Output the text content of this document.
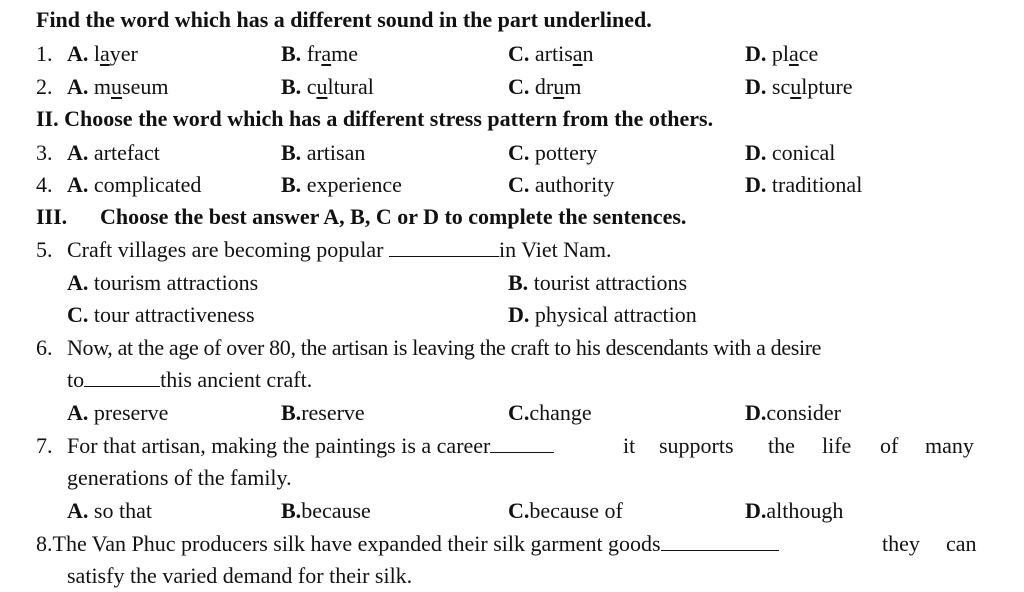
Find the word which has a different sound in the part underlined.
1. A. layer	B. frame	C. artisan	D. place
2. A. museum	B. cultural	C. drum	D. sculpture
II. Choose the word which has a different stress pattern from the others.
3. A. artefact	B. artisan	C. pottery	D. conical
4. A. complicated	B. experience	C. authority	D. traditional
III. Choose the best answer A, B, C or D to complete the sentences.
5. Craft villages are becoming popular	in Viet Nam.
A. tourism attractions	B. tourist attractions
C. tour attractiveness	D. physical attraction
6. Now, at the age of over 80, the artisan is leaving the craft to his descendants with a desire
to	this ancient craft.
A. preserve	B.reserve	C.change	D.consider
7. For that artisan, making the paintings is a career	it supports the life of many
generations of the family.
A. so that	B.because	C.because of	D.although
8.The Van Phuc producers silk have expanded their silk garment goods	they can
satisfy the varied demand for their silk.
